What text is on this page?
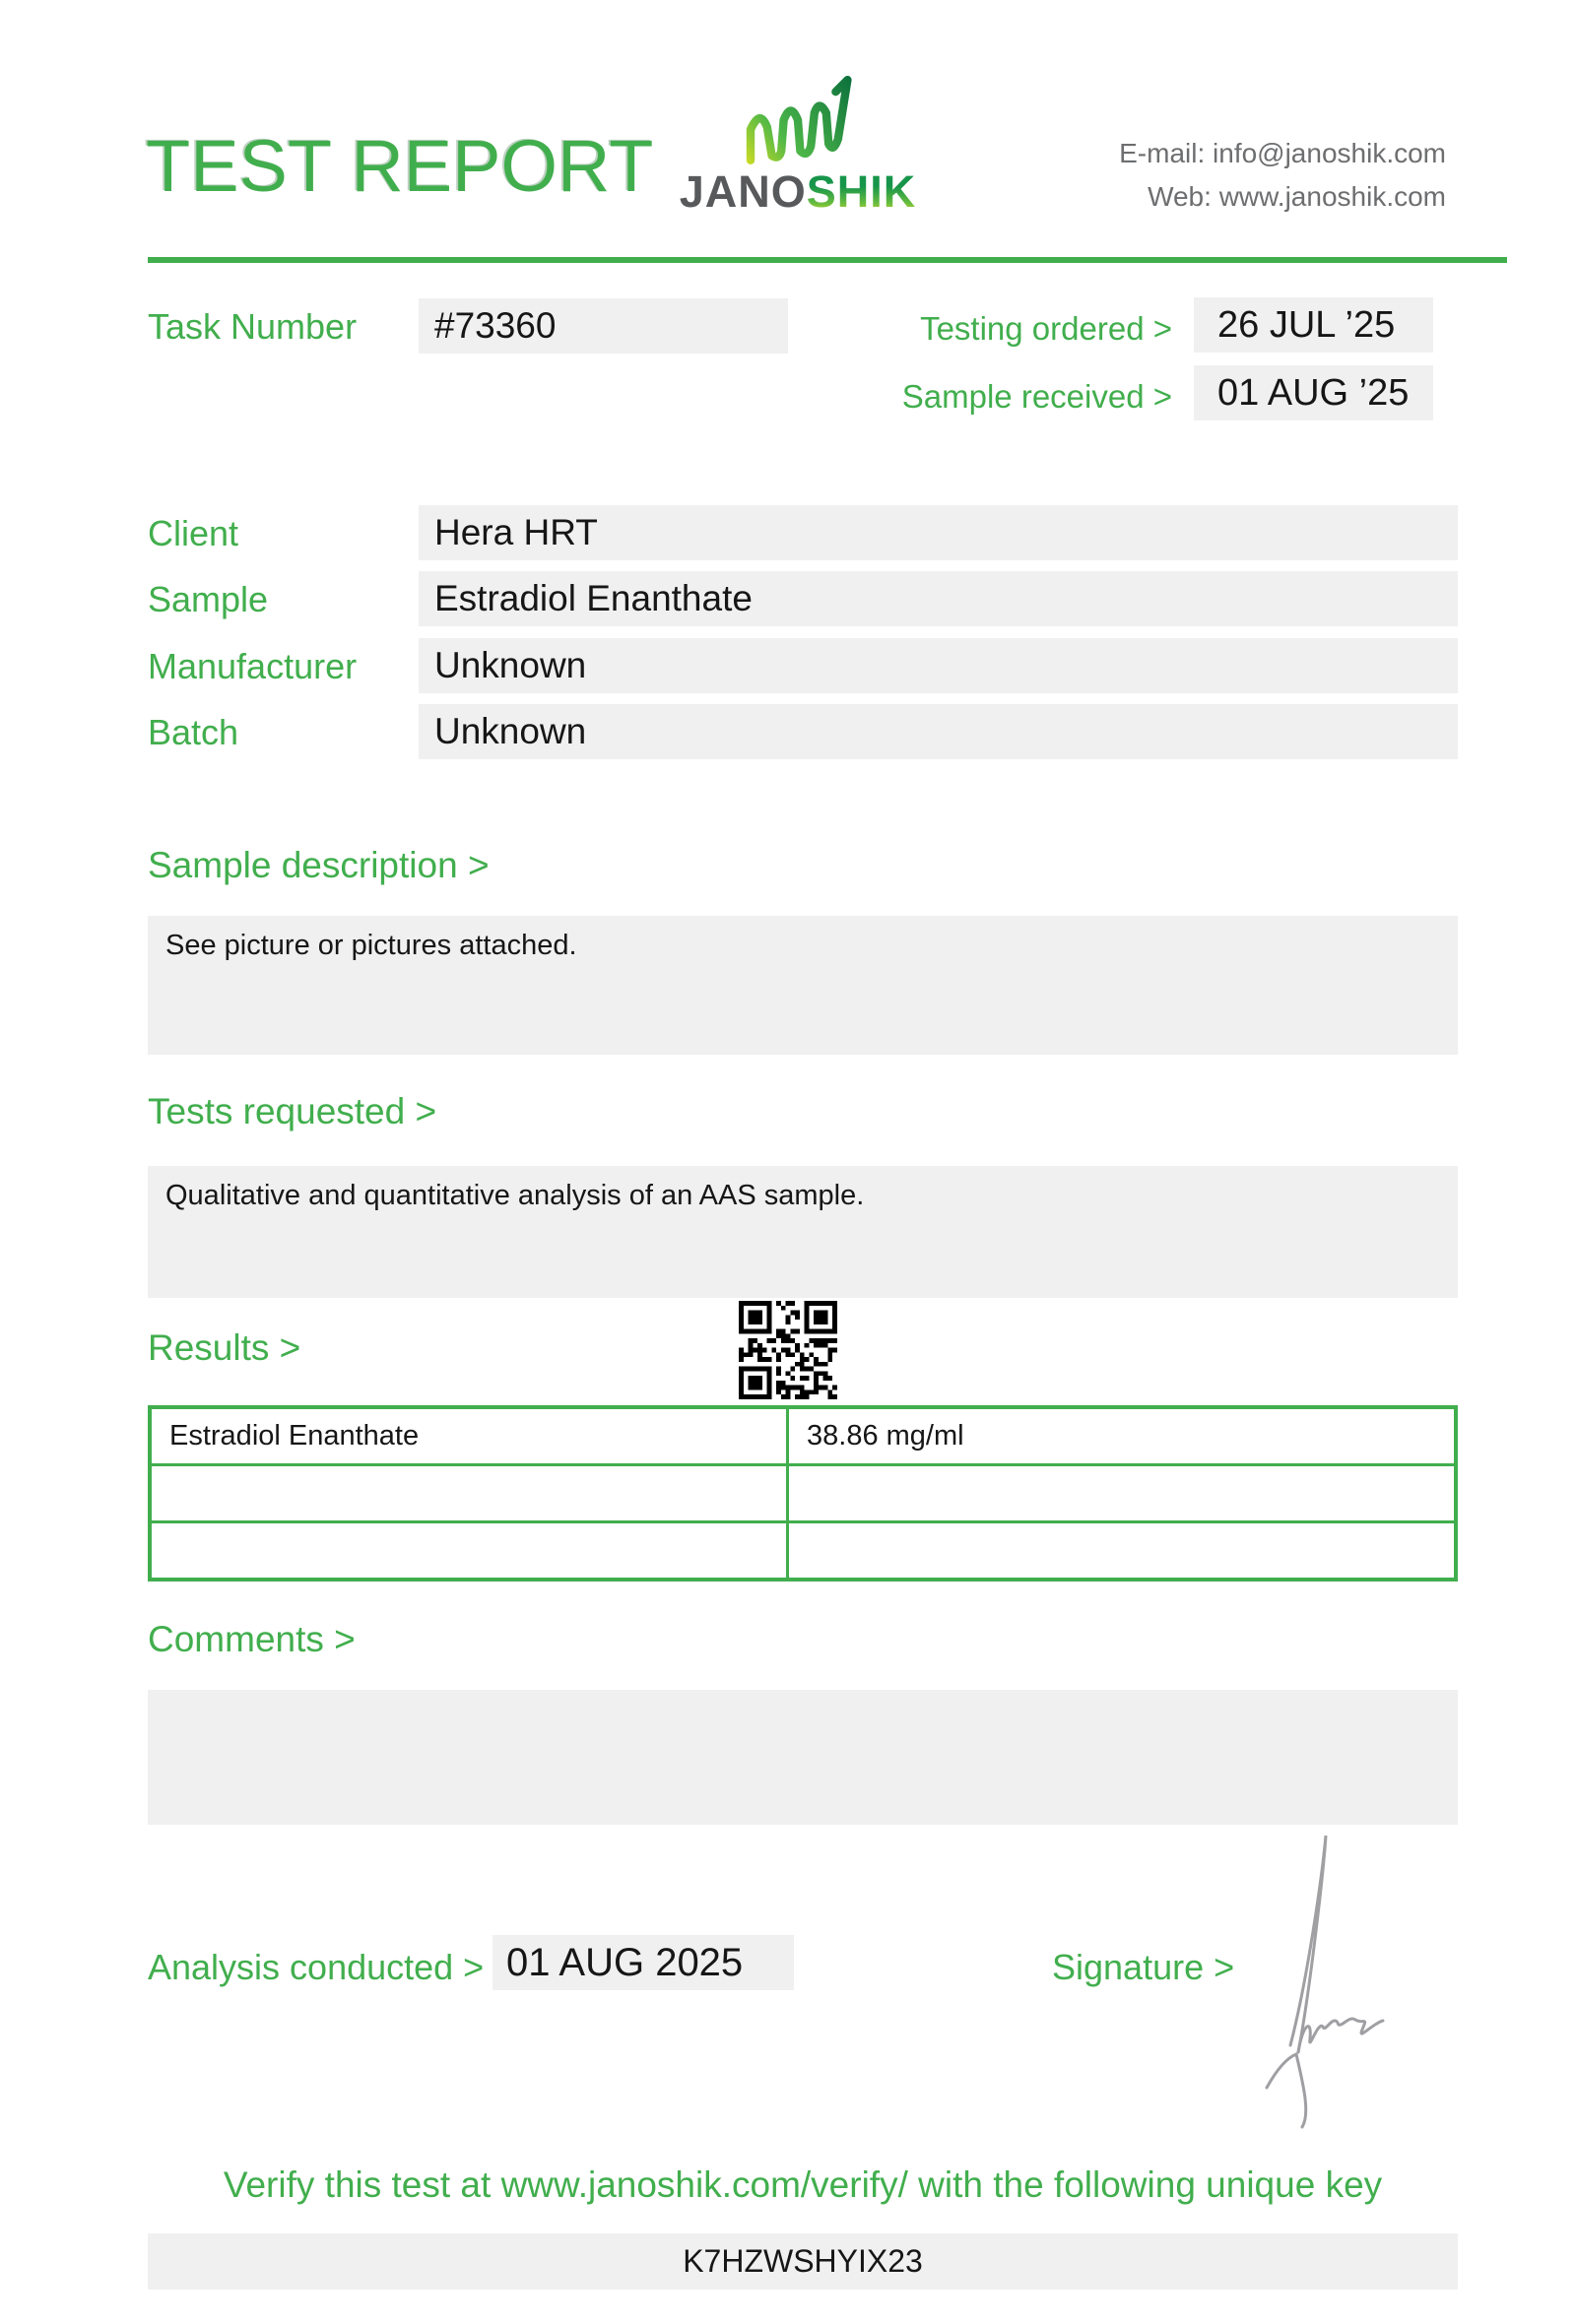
TEST REPORT JANOSHIK
E-mail: info@janoshik.com
Web: www.janoshik.com
Task Number	#73360	Testing ordered >	26 JUL ’25
Sample received >	01 AUG ’25
Client	Hera HRT
Sample	Estradiol Enanthate
Manufacturer	Unknown
Batch	Unknown
Sample description >
See picture or pictures attached.
Tests requested >
Qualitative and quantitative analysis of an AAS sample.
Results >
Estradiol Enanthate	38.86 mg/ml
Comments >
Analysis conducted > 01 AUG 2025	Signature >
Verify this test at www.janoshik.com/verify/ with the following unique key
K7HZWSHYIX23
